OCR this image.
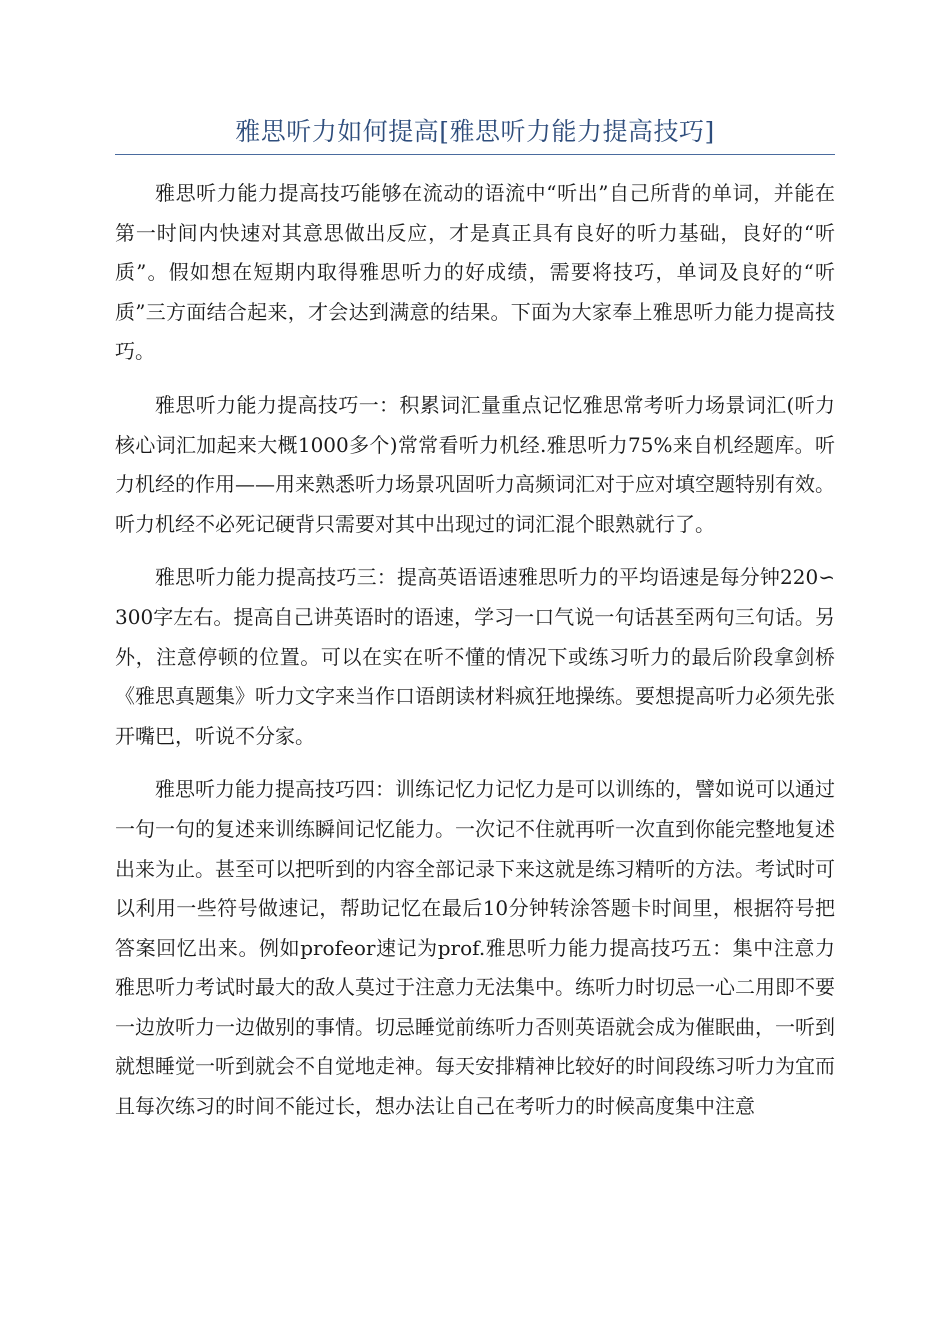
雅思听力如何提高[雅思听力能力提高技巧]

雅思听力能力提高技巧能够在流动的语流中“听出”自己所背的单词，并能在第一时间内快速对其意思做出反应，才是真正具有良好的听力基础，良好的“听质”。假如想在短期内取得雅思听力的好成绩，需要将技巧，单词及良好的“听质”三方面结合起来，才会达到满意的结果。下面为大家奉上雅思听力能力提高技巧。

雅思听力能力提高技巧一：积累词汇量重点记忆雅思常考听力场景词汇(听力核心词汇加起来大概1000多个)常常看听力机经.雅思听力75%来自机经题库。听力机经的作用——用来熟悉听力场景巩固听力高频词汇对于应对填空题特别有效。听力机经不必死记硬背只需要对其中出现过的词汇混个眼熟就行了。

雅思听力能力提高技巧三：提高英语语速雅思听力的平均语速是每分钟220∽300字左右。提高自己讲英语时的语速，学习一口气说一句话甚至两句三句话。另外，注意停顿的位置。可以在实在听不懂的情况下或练习听力的最后阶段拿剑桥《雅思真题集》听力文字来当作口语朗读材料疯狂地操练。要想提高听力必须先张开嘴巴，听说不分家。

雅思听力能力提高技巧四：训练记忆力记忆力是可以训练的，譬如说可以通过一句一句的复述来训练瞬间记忆能力。一次记不住就再听一次直到你能完整地复述出来为止。甚至可以把听到的内容全部记录下来这就是练习精听的方法。考试时可以利用一些符号做速记，帮助记忆在最后10分钟转涂答题卡时间里，根据符号把答案回忆出来。例如profeor速记为prof.雅思听力能力提高技巧五：集中注意力雅思听力考试时最大的敌人莫过于注意力无法集中。练听力时切忌一心二用即不要一边放听力一边做别的事情。切忌睡觉前练听力否则英语就会成为催眠曲，一听到就想睡觉一听到就会不自觉地走神。每天安排精神比较好的时间段练习听力为宜而且每次练习的时间不能过长，想办法让自己在考听力的时候高度集中注意
